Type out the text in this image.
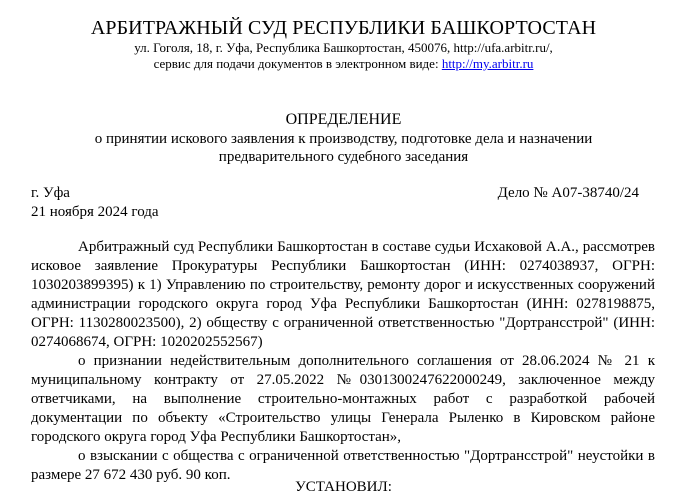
АРБИТРАЖНЫЙ СУД РЕСПУБЛИКИ БАШКОРТОСТАН
ул. Гоголя, 18, г. Уфа, Республика Башкортостан, 450076, http://ufa.arbitr.ru/,
сервис для подачи документов в электронном виде: http://my.arbitr.ru
ОПРЕДЕЛЕНИЕ
о принятии искового заявления к производству, подготовке дела и назначении предварительного судебного заседания
г. Уфа	Дело № А07-38740/24
21 ноября 2024 года

Арбитражный суд Республики Башкортостан в составе судьи Исхаковой А.А., рассмотрев исковое заявление Прокуратуры Республики Башкортостан (ИНН: 0274038937, ОГРН: 1030203899395) к 1) Управлению по строительству, ремонту дорог и искусственных сооружений администрации городского округа город Уфа Республики Башкортостан (ИНН: 0278198875, ОГРН: 1130280023500), 2) обществу с ограниченной ответственностью "Дортрансстрой" (ИНН: 0274068674, ОГРН: 1020202552567)

о признании недействительным дополнительного соглашения от 28.06.2024 № 21 к муниципальному контракту от 27.05.2022 №0301300247622000249, заключенное между ответчиками, на выполнение строительно-монтажных работ с разработкой рабочей документации по объекту «Строительство улицы Генерала Рыленко в Кировском районе городского округа город Уфа Республики Башкортостан»,

о взыскании с общества с ограниченной ответственностью "Дортрансстрой" неустойки в размере 27 672 430 руб. 90 коп.

УСТАНОВИЛ:
